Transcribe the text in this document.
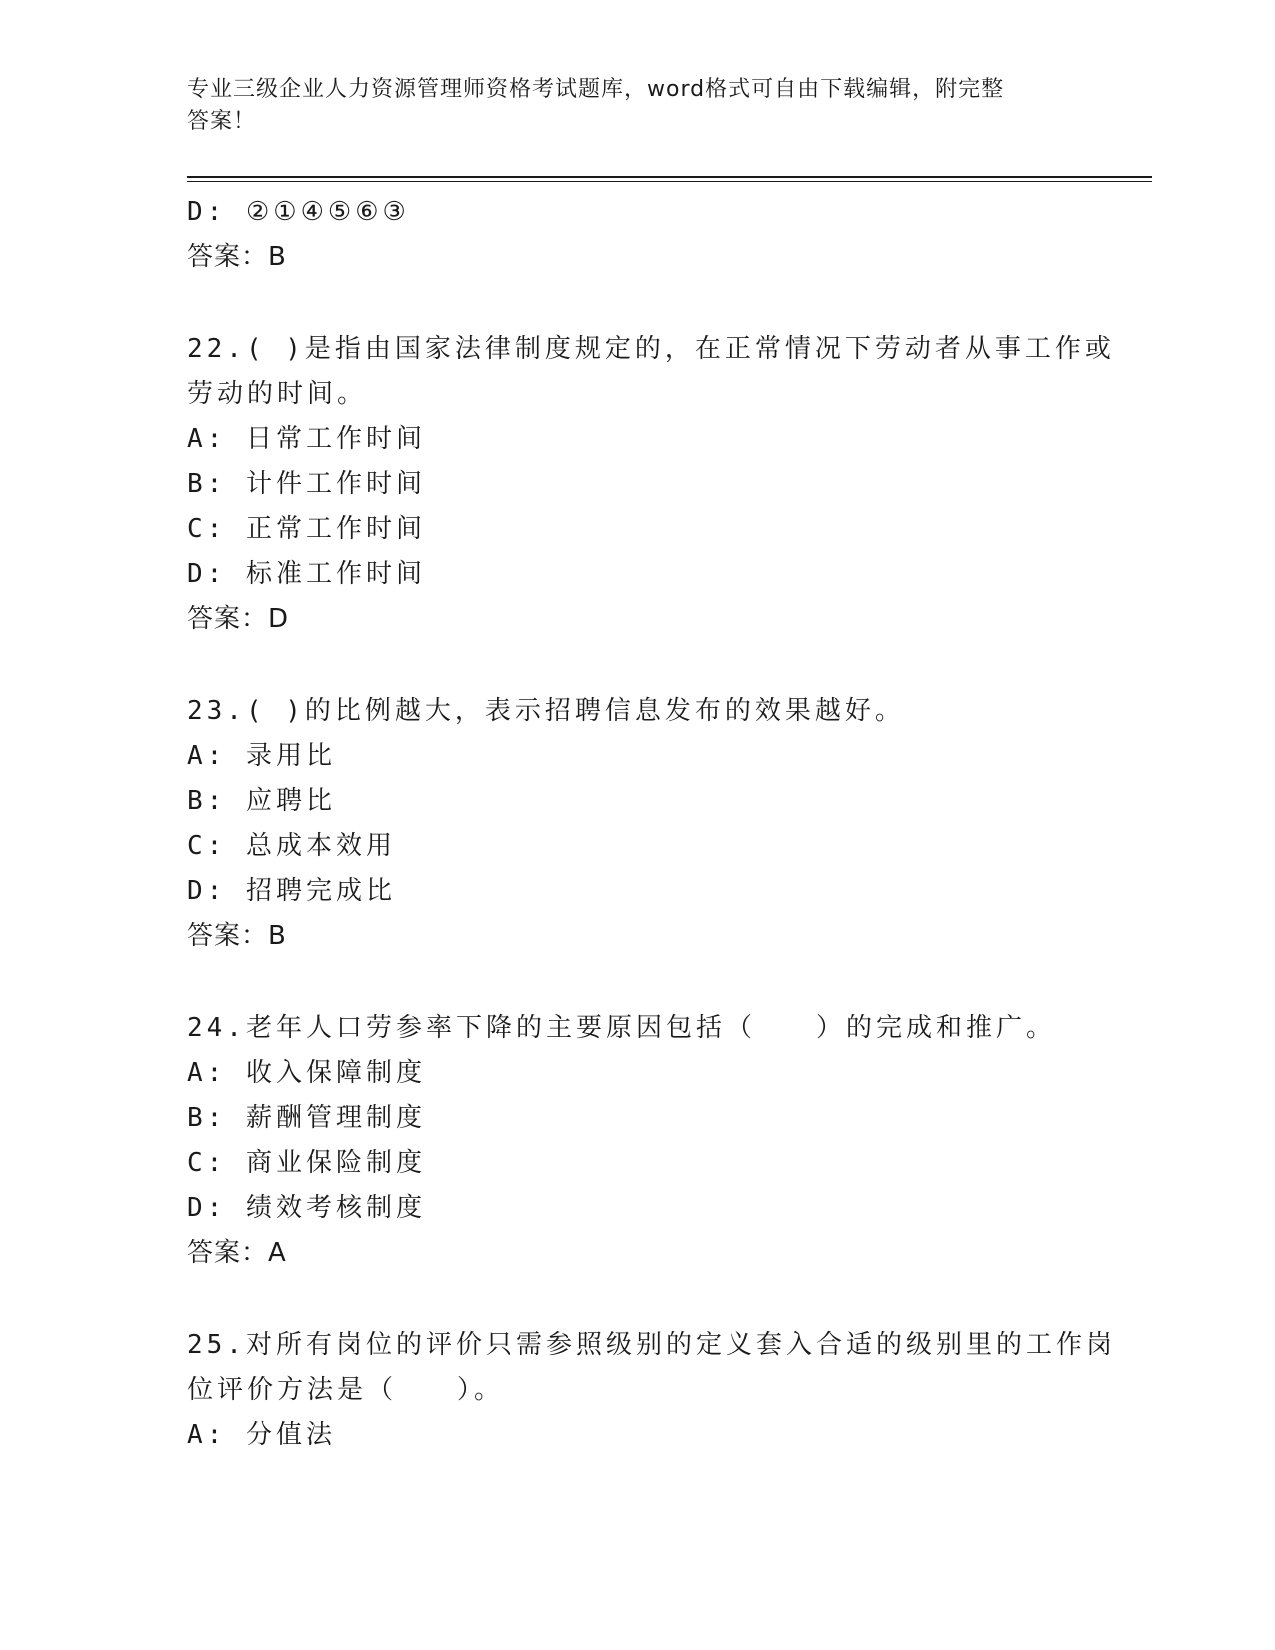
专业三级企业人力资源管理师资格考试题库，word格式可自由下载编辑，附完整
答案！
D: ②①④⑤⑥③
答案：B
22.( )是指由国家法律制度规定的，在正常情况下劳动者从事工作或
劳动的时间。
A: 日常工作时间
B: 计件工作时间
C: 正常工作时间
D: 标准工作时间
答案：D
23.( )的比例越大，表示招聘信息发布的效果越好。
A: 录用比
B: 应聘比
C: 总成本效用
D: 招聘完成比
答案：B
24.老年人口劳参率下降的主要原因包括（　　）的完成和推广。
A: 收入保障制度
B: 薪酬管理制度
C: 商业保险制度
D: 绩效考核制度
答案：A
25.对所有岗位的评价只需参照级别的定义套入合适的级别里的工作岗
位评价方法是（　　）。
A: 分值法
